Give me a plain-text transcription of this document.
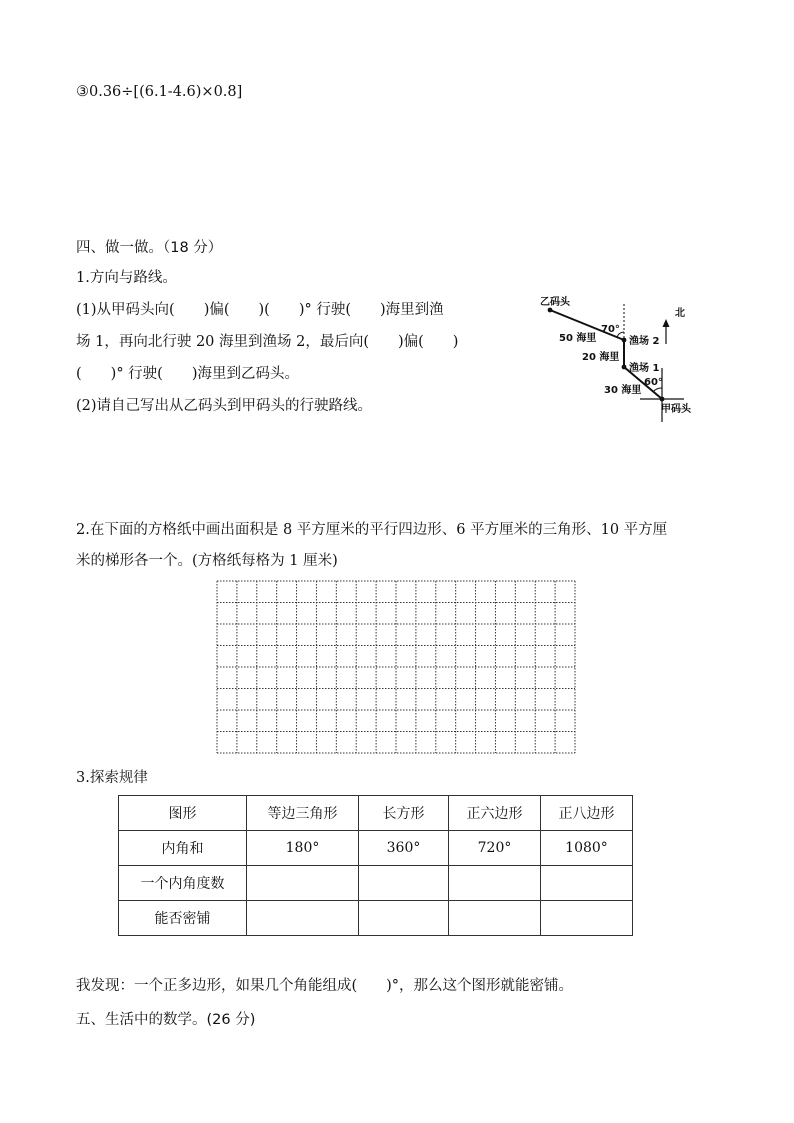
③0.36÷[(6.1-4.6)×0.8]
四、做一做。（18 分）
1.方向与路线。
(1)从甲码头向(　　)偏(　　)(　　)° 行驶(　　)海里到渔
场 1，再向北行驶 20 海里到渔场 2，最后向(　　)偏(　　)
(　　)° 行驶(　　)海里到乙码头。
(2)请自己写出从乙码头到甲码头的行驶路线。
乙码头
北
50 海里
70°
渔场 2
20 海里
渔场 1
30 海里
60°
甲码头
2.在下面的方格纸中画出面积是 8 平方厘米的平行四边形、6 平方厘米的三角形、10 平方厘
米的梯形各一个。(方格纸每格为 1 厘米)
3.探索规律
图形	等边三角形	长方形	正六边形	正八边形
内角和	180°	360°	720°	1080°
一个内角度数				
能否密铺				
我发现：一个正多边形，如果几个角能组成(　　)°，那么这个图形就能密铺。
五、生活中的数学。(26 分)
